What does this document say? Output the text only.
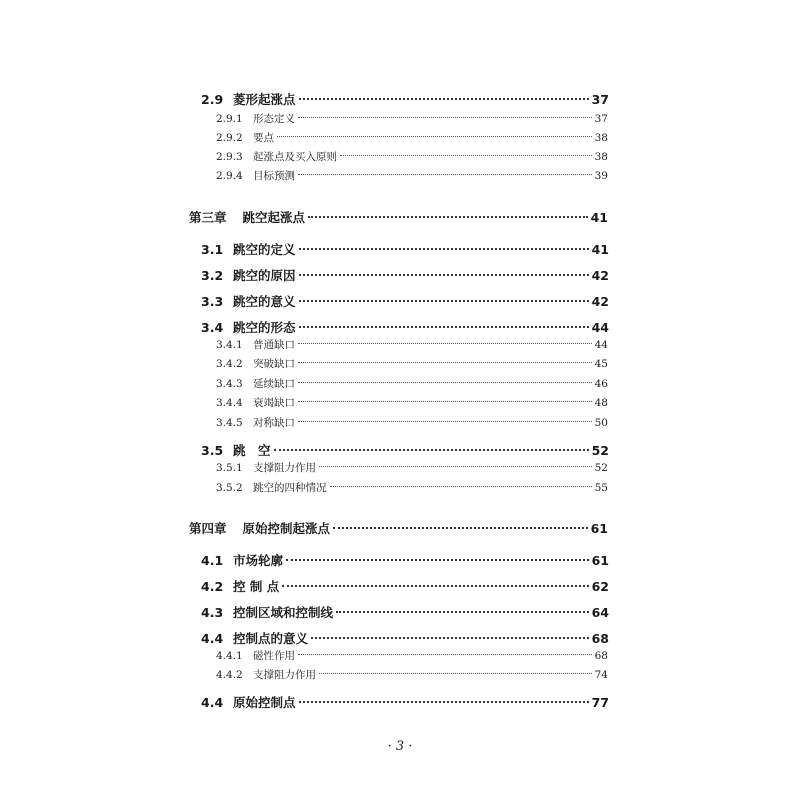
2.9 菱形起涨点	37
2.9.1 形态定义	37
2.9.2 要点	38
2.9.3 起涨点及买入原则	38
2.9.4 目标预测	39
第三章 跳空起涨点	41
3.1 跳空的定义	41
3.2 跳空的原因	42
3.3 跳空的意义	42
3.4 跳空的形态	44
3.4.1 普通缺口	44
3.4.2 突破缺口	45
3.4.3 延续缺口	46
3.4.4 衰竭缺口	48
3.4.5 对称缺口	50
3.5 跳　空	52
3.5.1 支撑阻力作用	52
3.5.2 跳空的四种情况	55
第四章 原始控制起涨点	61
4.1 市场轮廓	61
4.2 控 制 点	62
4.3 控制区域和控制线	64
4.4 控制点的意义	68
4.4.1 磁性作用	68
4.4.2 支撑阻力作用	74
4.4 原始控制点	77
· 3 ·
